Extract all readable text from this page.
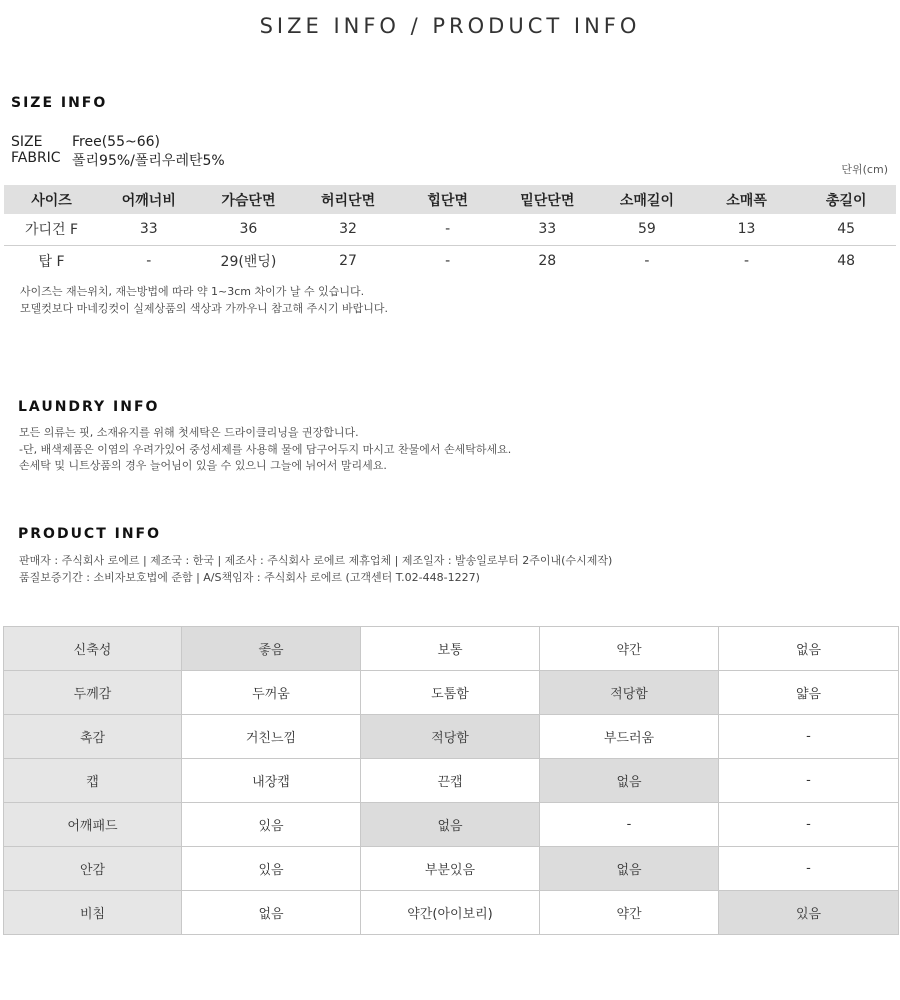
SIZE INFO / PRODUCT INFO
SIZE INFO
SIZE	Free(55~66)
FABRIC 폴리95%/폴리우레탄5%
단위(cm)
사이즈	어깨너비	가슴단면	허리단면	힙단면	밑단단면	소매길이	소매폭	총길이
가디건 F	33	36	32	-	33	59	13	45
탑 F	-	29(밴딩)	27	-	28	-	-	48
사이즈는 재는위치, 재는방법에 따라 약 1~3cm 차이가 날 수 있습니다.
모델컷보다 마네킹컷이 실제상품의 색상과 가까우니 참고해 주시기 바랍니다.
LAUNDRY INFO
모든 의류는 핏, 소재유지를 위해 첫세탁은 드라이클리닝을 권장합니다.
-단, 배색제품은 이염의 우려가있어 중성세제를 사용해 물에 담구어두지 마시고 찬물에서 손세탁하세요.
손세탁 및 니트상품의 경우 늘어님이 있을 수 있으니 그늘에 뉘어서 말리세요.
PRODUCT INFO
판매자 : 주식회사 로에르 | 제조국 : 한국 | 제조사 : 주식회사 로에르 제휴업체 | 제조일자 : 발송일로부터 2주이내(수시제작)
품질보증기간 : 소비자보호법에 준함 | A/S책임자 : 주식회사 로에르 (고객센터 T.02-448-1227)
신축성	좋음	보통	약간	없음
두께감	두꺼움	도톰함	적당함	얇음
촉감	거친느낌	적당함	부드러움	-
캡	내장캡	끈캡	없음	-
어깨패드	있음	없음	-	-
안감	있음	부분있음	없음	-
비침	없음	약간(아이보리)	약간	있음
